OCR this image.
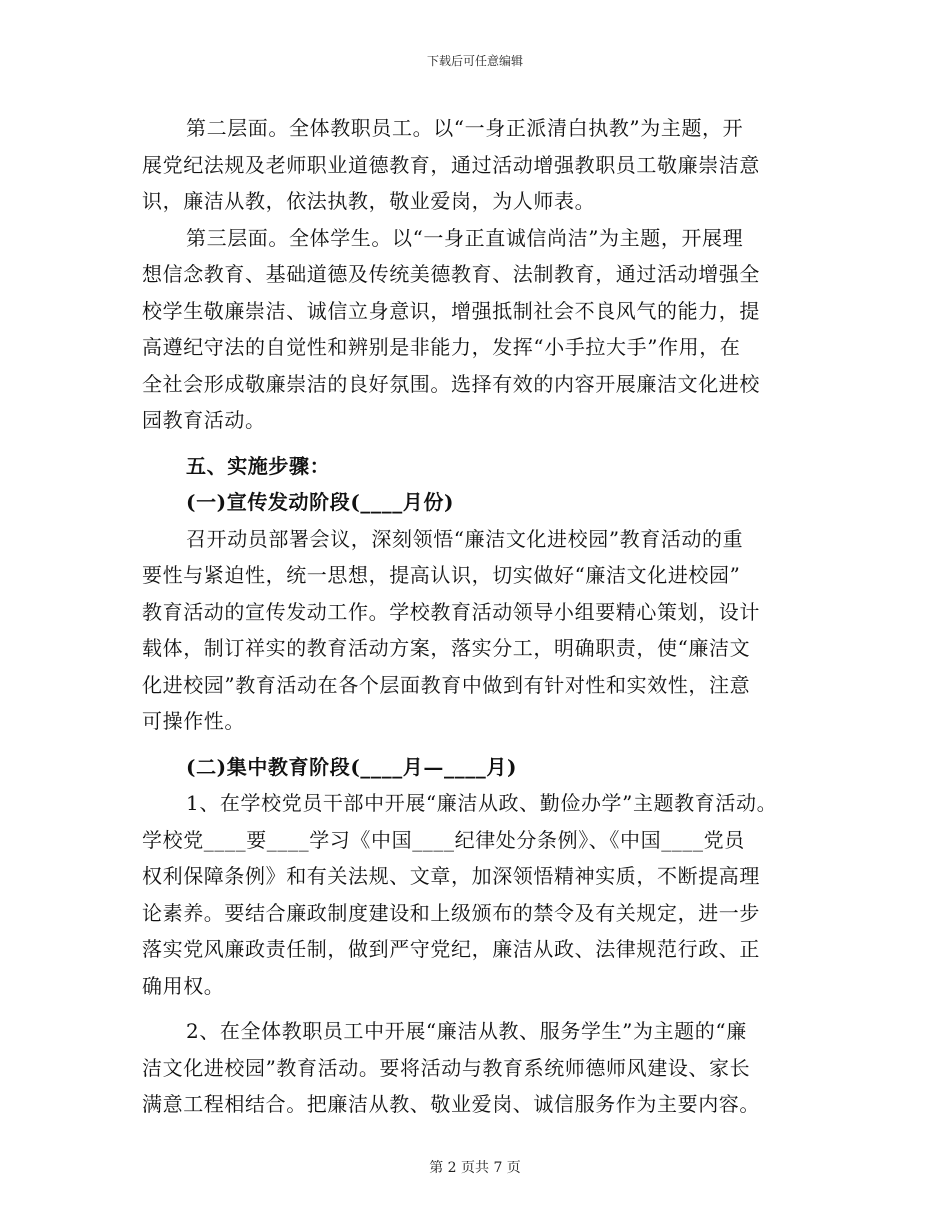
下载后可任意编辑
第二层面。全体教职员工。以“一身正派清白执教”为主题，开
展党纪法规及老师职业道德教育，通过活动增强教职员工敬廉崇洁意
识，廉洁从教，依法执教，敬业爱岗，为人师表。
第三层面。全体学生。以“一身正直诚信尚洁”为主题，开展理
想信念教育、基础道德及传统美德教育、法制教育，通过活动增强全
校学生敬廉崇洁、诚信立身意识，增强抵制社会不良风气的能力，提
高遵纪守法的自觉性和辨别是非能力，发挥“小手拉大手”作用，在
全社会形成敬廉崇洁的良好氛围。选择有效的内容开展廉洁文化进校
园教育活动。
五、实施步骤：
(一)宣传发动阶段(____月份)
召开动员部署会议，深刻领悟“廉洁文化进校园”教育活动的重
要性与紧迫性，统一思想，提高认识，切实做好“廉洁文化进校园”
教育活动的宣传发动工作。学校教育活动领导小组要精心策划，设计
载体，制订祥实的教育活动方案，落实分工，明确职责，使“廉洁文
化进校园”教育活动在各个层面教育中做到有针对性和实效性，注意
可操作性。
(二)集中教育阶段(____月—____月)
1、在学校党员干部中开展“廉洁从政、勤俭办学”主题教育活动。
学校党____要____学习《中国____纪律处分条例》、《中国____党员
权利保障条例》和有关法规、文章，加深领悟精神实质，不断提高理
论素养。要结合廉政制度建设和上级颁布的禁令及有关规定，进一步
落实党风廉政责任制，做到严守党纪，廉洁从政、法律规范行政、正
确用权。
2、在全体教职员工中开展“廉洁从教、服务学生”为主题的“廉
洁文化进校园”教育活动。要将活动与教育系统师德师风建设、家长
满意工程相结合。把廉洁从教、敬业爱岗、诚信服务作为主要内容。
第 2 页共 7 页
